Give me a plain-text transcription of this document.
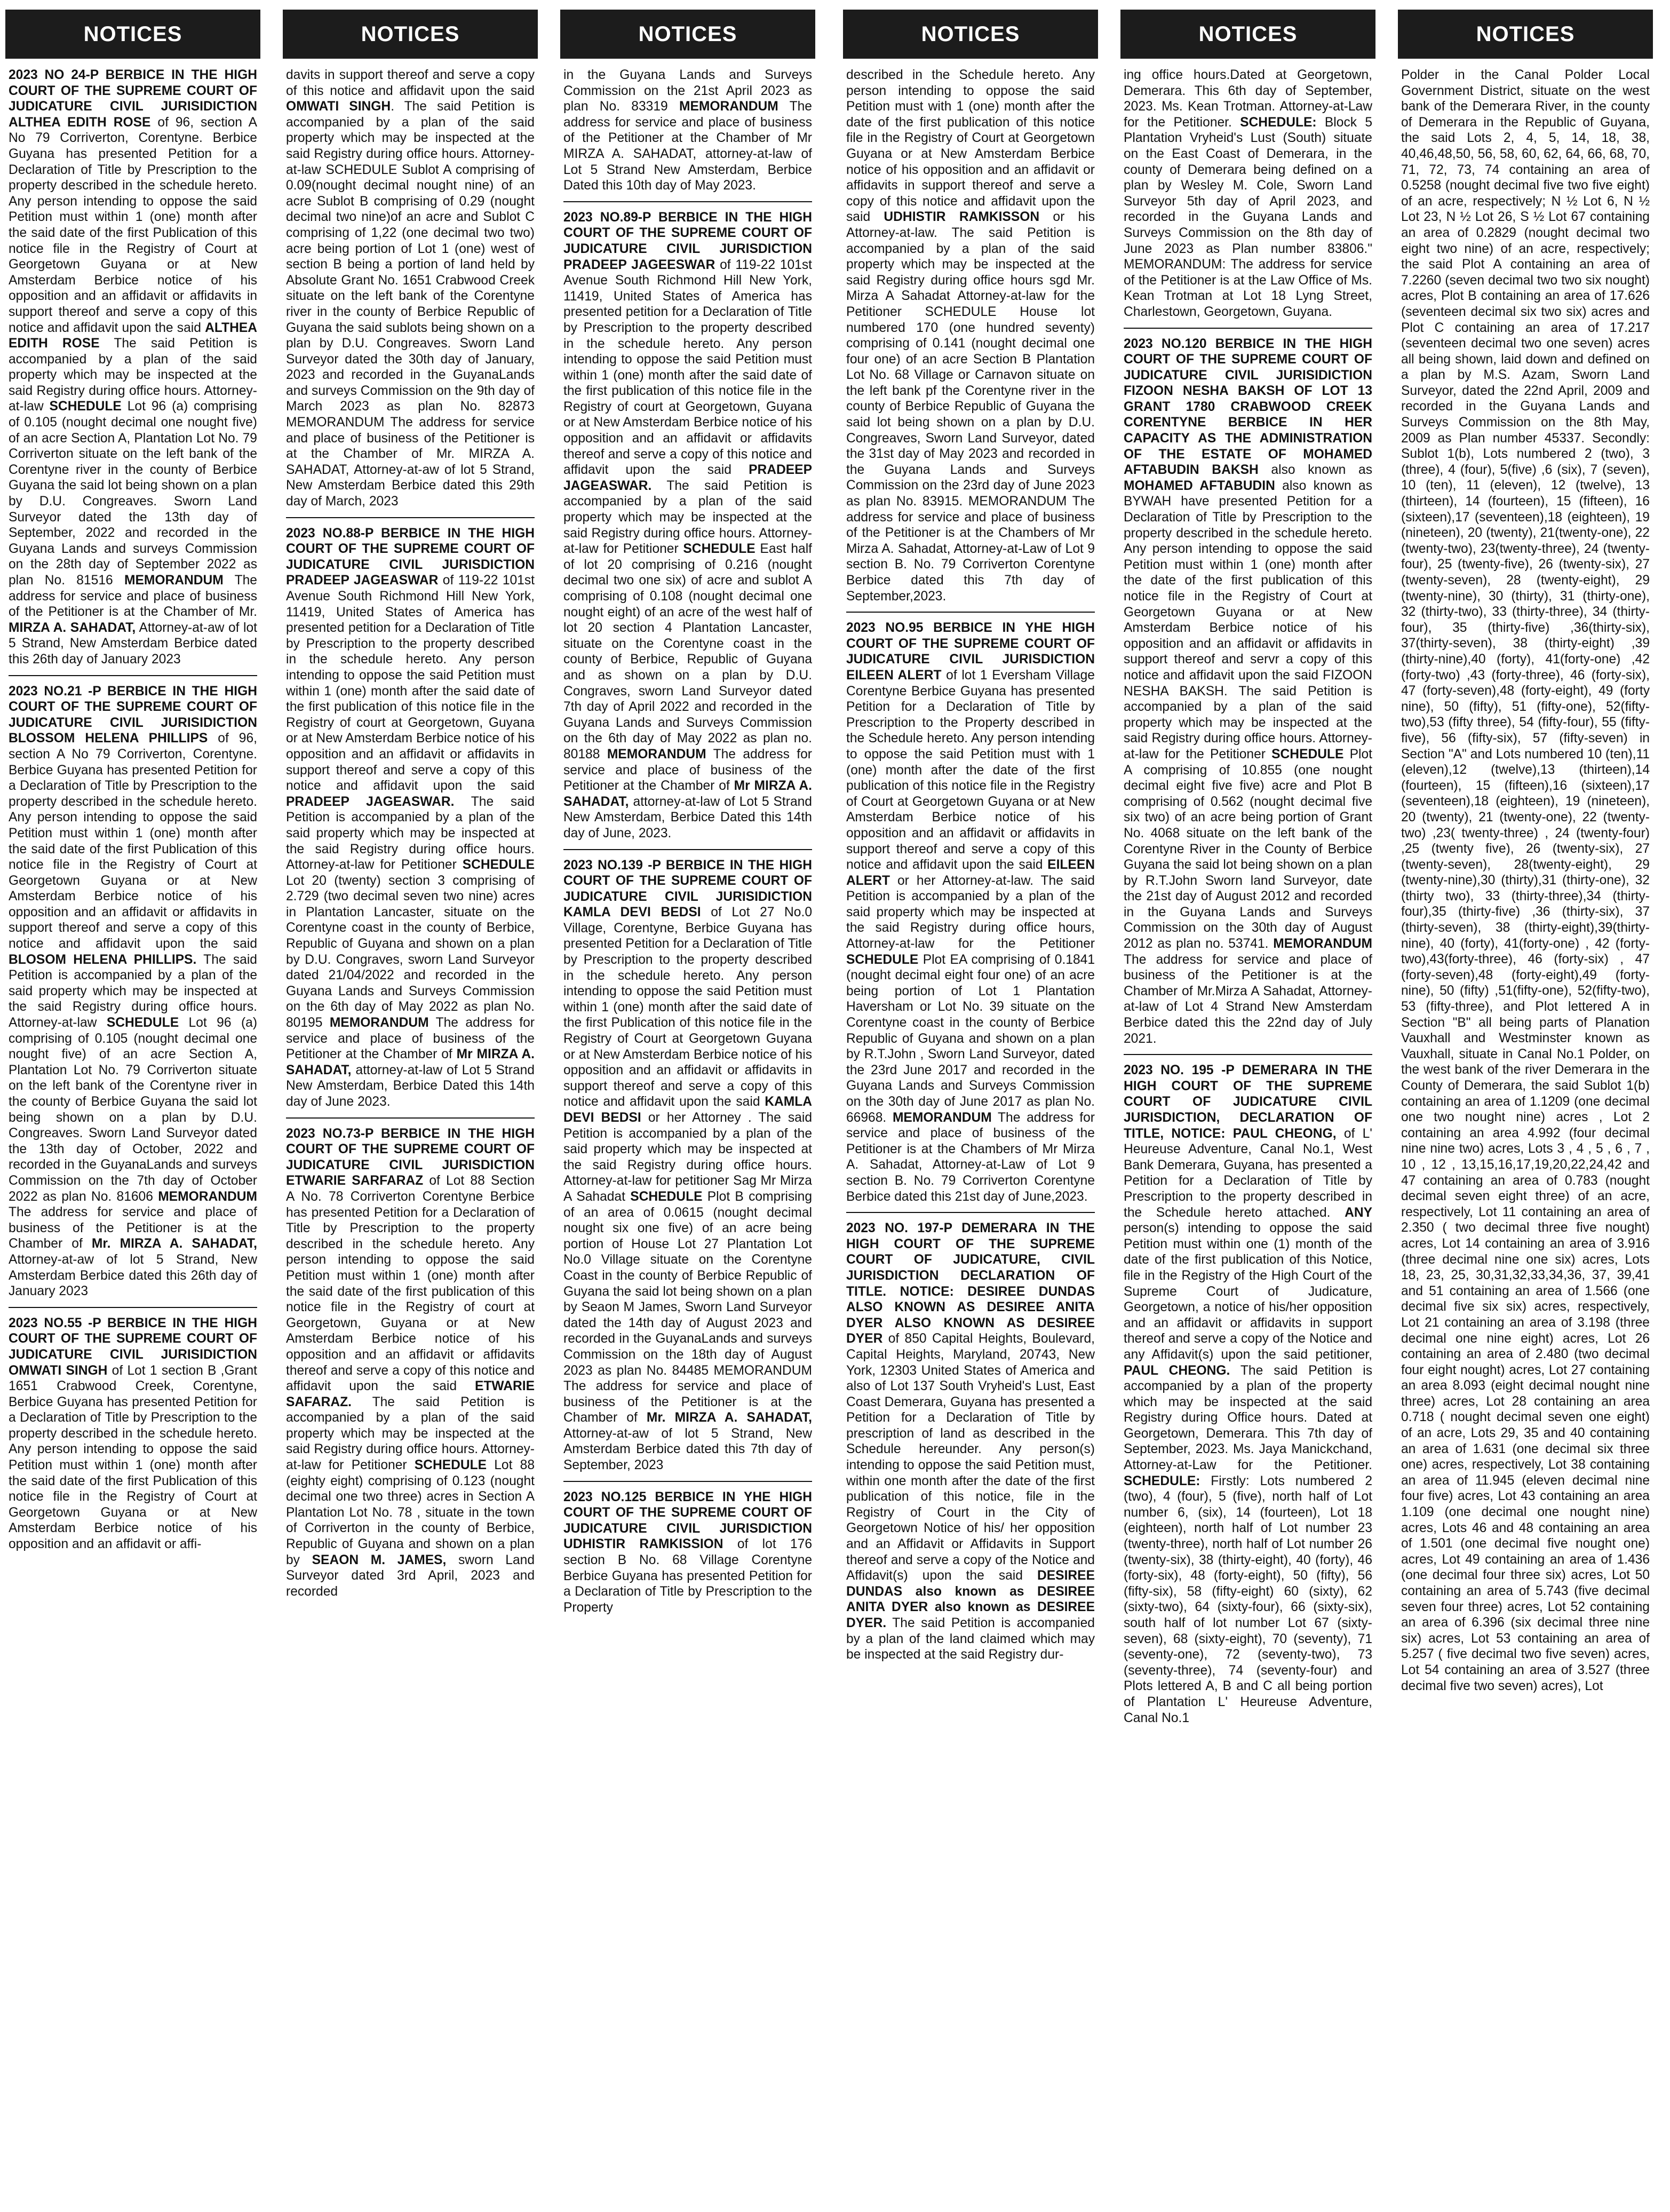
NOTICES

2023 NO 24-P BERBICE IN THE HIGH COURT OF THE SUPREME COURT OF JUDICATURE CIVIL JURISIDICTION ALTHEA EDITH ROSE of 96, section A No 79 Corriverton, Corentyne. Berbice Guyana has presented Petition for a Declaration of Title by Prescription to the property described in the schedule hereto. Any person intending to oppose the said Petition must within 1 (one) month after the said date of the first Publication of this notice file in the Registry of Court at Georgetown Guyana or at New Amsterdam Berbice notice of his opposition and an affidavit or affidavits in support thereof and serve a copy of this notice and affidavit upon the said ALTHEA EDITH ROSE The said Petition is accompanied by a plan of the said property which may be inspected at the said Registry during office hours. Attorney-at-law SCHEDULE Lot 96 (a) comprising of 0.105 (nought decimal one nought five) of an acre Section A, Plantation Lot No. 79 Corriverton situate on the left bank of the Corentyne river in the county of Berbice Guyana the said lot being shown on a plan by D.U. Congreaves. Sworn Land Surveyor dated the 13th day of September, 2022 and recorded in the Guyana Lands and surveys Commission on the 28th day of September 2022 as plan No. 81516 MEMORANDUM The address for service and place of business of the Petitioner is at the Chamber of Mr. MIRZA A. SAHADAT, Attorney-at-aw of lot 5 Strand, New Amsterdam Berbice dated this 26th day of January 2023

2023 NO.21 -P BERBICE IN THE HIGH COURT OF THE SUPREME COURT OF JUDICATURE CIVIL JURISIDICTION BLOSSOM HELENA PHILLIPS of 96, section A No 79 Corriverton, Corentyne. Berbice Guyana has presented Petition for a Declaration of Title by Prescription to the property described in the schedule hereto. Any person intending to oppose the said Petition must within 1 (one) month after the said date of the first Publication of this notice file in the Registry of Court at Georgetown Guyana or at New Amsterdam Berbice notice of his opposition and an affidavit or affidavits in support thereof and serve a copy of this notice and affidavit upon the said BLOSOM HELENA PHILLIPS. The said Petition is accompanied by a plan of the said property which may be inspected at the said Registry during office hours. Attorney-at-law SCHEDULE Lot 96 (a) comprising of 0.105 (nought decimal one nought five) of an acre Section A, Plantation Lot No. 79 Corriverton situate on the left bank of the Corentyne river in the county of Berbice Guyana the said lot being shown on a plan by D.U. Congreaves. Sworn Land Surveyor dated the 13th day of October, 2022 and recorded in the GuyanaLands and surveys Commission on the 7th day of October 2022 as plan No. 81606 MEMORANDUM The address for service and place of business of the Petitioner is at the Chamber of Mr. MIRZA A. SAHADAT, Attorney-at-aw of lot 5 Strand, New Amsterdam Berbice dated this 26th day of January 2023

2023 NO.55 -P BERBICE IN THE HIGH COURT OF THE SUPREME COURT OF JUDICATURE CIVIL JURISIDICTION OMWATI SINGH of Lot 1 section B ,Grant 1651 Crabwood Creek, Corentyne, Berbice Guyana has presented Petition for a Declaration of Title by Prescription to the property described in the schedule hereto. Any person intending to oppose the said Petition must within 1 (one) month after the said date of the first Publication of this notice file in the Registry of Court at Georgetown Guyana or at New Amsterdam Berbice notice of his opposition and an affidavit or affi-

NOTICES

davits in support thereof and serve a copy of this notice and affidavit upon the said OMWATI SINGH. The said Petition is accompanied by a plan of the said property which may be inspected at the said Registry during office hours. Attorney-at-law SCHEDULE Sublot A comprising of 0.09(nought decimal nought nine) of an acre Sublot B comprising of 0.29 (nought decimal two nine)of an acre and Sublot C comprising of 1,22 (one decimal two two) acre being portion of Lot 1 (one) west of section B being a portion of land held by Absolute Grant No. 1651 Crabwood Creek situate on the left bank of the Corentyne river in the county of Berbice Republic of Guyana the said sublots being shown on a plan by D.U. Congreaves. Sworn Land Surveyor dated the 30th day of January, 2023 and recorded in the GuyanaLands and surveys Commission on the 9th day of March 2023 as plan No. 82873 MEMORANDUM The address for service and place of business of the Petitioner is at the Chamber of Mr. MIRZA A. SAHADAT, Attorney-at-aw of lot 5 Strand, New Amsterdam Berbice dated this 29th day of March, 2023

2023 NO.88-P BERBICE IN THE HIGH COURT OF THE SUPREME COURT OF JUDICATURE CIVIL JURISDICTION PRADEEP JAGEASWAR of 119-22 101st Avenue South Richmond Hill New York, 11419, United States of America has presented petition for a Declaration of Title by Prescription to the property described in the schedule hereto. Any person intending to oppose the said Petition must within 1 (one) month after the said date of the first publication of this notice file in the Registry of court at Georgetown, Guyana or at New Amsterdam Berbice notice of his opposition and an affidavit or affidavits in support thereof and serve a copy of this notice and affidavit upon the said PRADEEP JAGEASWAR. The said Petition is accompanied by a plan of the said property which may be inspected at the said Registry during office hours. Attorney-at-law for Petitioner SCHEDULE Lot 20 (twenty) section 3 comprising of 2.729 (two decimal seven two nine) acres in Plantation Lancaster, situate on the Corentyne coast in the county of Berbice, Republic of Guyana and shown on a plan by D.U. Congraves, sworn Land Surveyor dated 21/04/2022 and recorded in the Guyana Lands and Surveys Commission on the 6th day of May 2022 as plan No. 80195 MEMORANDUM The address for service and place of business of the Petitioner at the Chamber of Mr MIRZA A. SAHADAT, attorney-at-law of Lot 5 Strand New Amsterdam, Berbice Dated this 14th day of June 2023.

2023 NO.73-P BERBICE IN THE HIGH COURT OF THE SUPREME COURT OF JUDICATURE CIVIL JURISDICTION ETWARIE SARFARAZ of Lot 88 Section A No. 78 Corriverton Corentyne Berbice has presented Petition for a Declaration of Title by Prescription to the property described in the schedule hereto. Any person intending to oppose the said Petition must within 1 (one) month after the said date of the first publication of this notice file in the Registry of court at Georgetown, Guyana or at New Amsterdam Berbice notice of his opposition and an affidavit or affidavits thereof and serve a copy of this notice and affidavit upon the said ETWARIE SAFARAZ. The said Petition is accompanied by a plan of the said property which may be inspected at the said Registry during office hours. Attorney-at-law for Petitioner SCHEDULE Lot 88 (eighty eight) comprising of 0.123 (nought decimal one two three) acres in Section A Plantation Lot No. 78 , situate in the town of Corriverton in the county of Berbice, Republic of Guyana and shown on a plan by SEAON M. JAMES, sworn Land Surveyor dated 3rd April, 2023 and recorded

NOTICES

in the Guyana Lands and Surveys Commission on the 21st April 2023 as plan No. 83319 MEMORANDUM The address for service and place of business of the Petitioner at the Chamber of Mr MIRZA A. SAHADAT, attorney-at-law of Lot 5 Strand New Amsterdam, Berbice Dated this 10th day of May 2023.

2023 NO.89-P BERBICE IN THE HIGH COURT OF THE SUPREME COURT OF JUDICATURE CIVIL JURISDICTION PRADEEP JAGEESWAR of 119-22 101st Avenue South Richmond Hill New York, 11419, United States of America has presented petition for a Declaration of Title by Prescription to the property described in the schedule hereto. Any person intending to oppose the said Petition must within 1 (one) month after the said date of the first publication of this notice file in the Registry of court at Georgetown, Guyana or at New Amsterdam Berbice notice of his opposition and an affidavit or affidavits thereof and serve a copy of this notice and affidavit upon the said PRADEEP JAGEASWAR. The said Petition is accompanied by a plan of the said property which may be inspected at the said Registry during office hours. Attorney-at-law for Petitioner SCHEDULE East half of lot 20 comprising of 0.216 (nought decimal two one six) of acre and sublot A comprising of 0.108 (nought decimal one nought eight) of an acre of the west half of lot 20 section 4 Plantation Lancaster, situate on the Corentyne coast in the county of Berbice, Republic of Guyana and as shown on a plan by D.U. Congraves, sworn Land Surveyor dated 7th day of April 2022 and recorded in the Guyana Lands and Surveys Commission on the 6th day of May 2022 as plan no. 80188 MEMORANDUM The address for service and place of business of the Petitioner at the Chamber of Mr MIRZA A. SAHADAT, attorney-at-law of Lot 5 Strand New Amsterdam, Berbice Dated this 14th day of June, 2023.

2023 NO.139 -P BERBICE IN THE HIGH COURT OF THE SUPREME COURT OF JUDICATURE CIVIL JURISIDICTION KAMLA DEVI BEDSI of Lot 27 No.0 Village, Corentyne, Berbice Guyana has presented Petition for a Declaration of Title by Prescription to the property described in the schedule hereto. Any person intending to oppose the said Petition must within 1 (one) month after the said date of the first Publication of this notice file in the Registry of Court at Georgetown Guyana or at New Amsterdam Berbice notice of his opposition and an affidavit or affidavits in support thereof and serve a copy of this notice and affidavit upon the said KAMLA DEVI BEDSI or her Attorney . The said Petition is accompanied by a plan of the said property which may be inspected at the said Registry during office hours. Attorney-at-law for petitioner Sag Mr Mirza A Sahadat SCHEDULE Plot B comprising of an area of 0.0615 (nought decimal nought six one five) of an acre being portion of House Lot 27 Plantation Lot No.0 Village situate on the Corentyne Coast in the county of Berbice Republic of Guyana the said lot being shown on a plan by Seaon M James, Sworn Land Surveyor dated the 14th day of August 2023 and recorded in the GuyanaLands and surveys Commission on the 18th day of August 2023 as plan No. 84485 MEMORANDUM The address for service and place of business of the Petitioner is at the Chamber of Mr. MIRZA A. SAHADAT, Attorney-at-aw of lot 5 Strand, New Amsterdam Berbice dated this 7th day of September, 2023

2023 NO.125 BERBICE IN YHE HIGH COURT OF THE SUPREME COURT OF JUDICATURE CIVIL JURISDICTION UDHISTIR RAMKISSION of lot 176 section B No. 68 Village Corentyne Berbice Guyana has presented Petition for a Declaration of Title by Prescription to the Property

NOTICES

described in the Schedule hereto. Any person intending to oppose the said Petition must with 1 (one) month after the date of the first publication of this notice file in the Registry of Court at Georgetown Guyana or at New Amsterdam Berbice notice of his opposition and an affidavit or affidavits in support thereof and serve a copy of this notice and affidavit upon the said UDHISTIR RAMKISSON or his Attorney-at-law. The said Petition is accompanied by a plan of the said property which may be inspected at the said Registry during office hours sgd Mr. Mirza A Sahadat Attorney-at-law for the Petitioner SCHEDULE House lot numbered 170 (one hundred seventy) comprising of 0.141 (nought decimal one four one) of an acre Section B Plantation Lot No. 68 Village or Carnavon situate on the left bank pf the Corentyne river in the county of Berbice Republic of Guyana the said lot being shown on a plan by D.U. Congreaves, Sworn Land Surveyor, dated the 31st day of May 2023 and recorded in the Guyana Lands and Surveys Commission on the 23rd day of June 2023 as plan No. 83915. MEMORANDUM The address for service and place of business of the Petitioner is at the Chambers of Mr Mirza A. Sahadat, Attorney-at-Law of Lot 9 section B. No. 79 Corriverton Corentyne Berbice dated this 7th day of September,2023.

2023 NO.95 BERBICE IN YHE HIGH COURT OF THE SUPREME COURT OF JUDICATURE CIVIL JURISDICTION EILEEN ALERT of lot 1 Eversham Village Corentyne Berbice Guyana has presented Petition for a Declaration of Title by Prescription to the Property described in the Schedule hereto. Any person intending to oppose the said Petition must with 1 (one) month after the date of the first publication of this notice file in the Registry of Court at Georgetown Guyana or at New Amsterdam Berbice notice of his opposition and an affidavit or affidavits in support thereof and serve a copy of this notice and affidavit upon the said EILEEN ALERT or her Attorney-at-law. The said Petition is accompanied by a plan of the said property which may be inspected at the said Registry during office hours, Attorney-at-law for the Petitioner SCHEDULE Plot EA comprising of 0.1841 (nought decimal eight four one) of an acre being portion of Lot 1 Plantation Haversham or Lot No. 39 situate on the Corentyne coast in the county of Berbice Republic of Guyana and shown on a plan by R.T.John , Sworn Land Surveyor, dated the 23rd June 2017 and recorded in the Guyana Lands and Surveys Commission on the 30th day of June 2017 as plan No. 66968. MEMORANDUM The address for service and place of business of the Petitioner is at the Chambers of Mr Mirza A. Sahadat, Attorney-at-Law of Lot 9 section B. No. 79 Corriverton Corentyne Berbice dated this 21st day of June,2023.

2023 NO. 197-P DEMERARA IN THE HIGH COURT OF THE SUPREME COURT OF JUDICATURE, CIVIL JURISDICTION DECLARATION OF TITLE. NOTICE: DESIREE DUNDAS ALSO KNOWN AS DESIREE ANITA DYER ALSO KNOWN AS DESIREE DYER of 850 Capital Heights, Boulevard, Capital Heights, Maryland, 20743, New York, 12303 United States of America and also of Lot 137 South Vryheid's Lust, East Coast Demerara, Guyana has presented a Petition for a Declaration of Title by prescription of land as described in the Schedule hereunder. Any person(s) intending to oppose the said Petition must, within one month after the date of the first publication of this notice, file in the Registry of Court in the City of Georgetown Notice of his/ her opposition and an Affidavit or Affidavits in Support thereof and serve a copy of the Notice and Affidavit(s) upon the said DESIREE DUNDAS also known as DESIREE ANITA DYER also known as DESIREE DYER. The said Petition is accompanied by a plan of the land claimed which may be inspected at the said Registry dur-

NOTICES

ing office hours.Dated at Georgetown, Demerara. This 6th day of September, 2023. Ms. Kean Trotman. Attorney-at-Law for the Petitioner. SCHEDULE: Block 5 Plantation Vryheid's Lust (South) situate on the East Coast of Demerara, in the county of Demerara being defined on a plan by Wesley M. Cole, Sworn Land Surveyor 5th day of April 2023, and recorded in the Guyana Lands and Surveys Commission on the 8th day of June 2023 as Plan number 83806." MEMORANDUM: The address for service of the Petitioner is at the Law Office of Ms. Kean Trotman at Lot 18 Lyng Street, Charlestown, Georgetown, Guyana.

2023 NO.120 BERBICE IN THE HIGH COURT OF THE SUPREME COURT OF JUDICATURE CIVIL JURISIDICTION FIZOON NESHA BAKSH OF LOT 13 GRANT 1780 CRABWOOD CREEK CORENTYNE BERBICE IN HER CAPACITY AS THE ADMINISTRATION OF THE ESTATE OF MOHAMED AFTABUDIN BAKSH also known as MOHAMED AFTABUDIN also known as BYWAH have presented Petition for a Declaration of Title by Prescription to the property described in the schedule hereto. Any person intending to oppose the said Petition must within 1 (one) month after the date of the first publication of this notice file in the Registry of Court at Georgetown Guyana or at New Amsterdam Berbice notice of his opposition and an affidavit or affidavits in support thereof and servr a copy of this notice and affidavit upon the said FIZOON NESHA BAKSH. The said Petition is accompanied by a plan of the said property which may be inspected at the said Registry during office hours. Attorney-at-law for the Petitioner SCHEDULE Plot A comprising of 10.855 (one nought decimal eight five five) acre and Plot B comprising of 0.562 (nought decimal five six two) of an acre being portion of Grant No. 4068 situate on the left bank of the Corentyne River in the County of Berbice Guyana the said lot being shown on a plan by R.T.John Sworn land Surveyor, date the 21st day of August 2012 and recorded in the Guyana Lands and Surveys Commission on the 30th day of August 2012 as plan no. 53741. MEMORANDUM The address for service and place of business of the Petitioner is at the Chamber of Mr.Mirza A Sahadat, Attorney-at-law of Lot 4 Strand New Amsterdam Berbice dated this the 22nd day of July 2021.

2023 NO. 195 -P DEMERARA IN THE HIGH COURT OF THE SUPREME COURT OF JUDICATURE CIVIL JURISDICTION, DECLARATION OF TITLE, NOTICE: PAUL CHEONG, of L' Heureuse Adventure, Canal No.1, West Bank Demerara, Guyana, has presented a Petition for a Declaration of Title by Prescription to the property described in the Schedule hereto attached. ANY person(s) intending to oppose the said Petition must within one (1) month of the date of the first publication of this Notice, file in the Registry of the High Court of the Supreme Court of Judicature, Georgetown, a notice of his/her opposition and an affidavit or affidavits in support thereof and serve a copy of the Notice and any Affidavit(s) upon the said petitioner, PAUL CHEONG. The said Petition is accompanied by a plan of the property which may be inspected at the said Registry during Office hours. Dated at Georgetown, Demerara. This 7th day of September, 2023. Ms. Jaya Manickchand, Attorney-at-Law for the Petitioner. SCHEDULE: Firstly: Lots numbered 2 (two), 4 (four), 5 (five), north half of Lot number 6, (six), 14 (fourteen), Lot 18 (eighteen), north half of Lot number 23 (twenty-three), north half of Lot number 26 (twenty-six), 38 (thirty-eight), 40 (forty), 46 (forty-six), 48 (forty-eight), 50 (fifty), 56 (fifty-six), 58 (fifty-eight) 60 (sixty), 62 (sixty-two), 64 (sixty-four), 66 (sixty-six), south half of lot number Lot 67 (sixty-seven), 68 (sixty-eight), 70 (seventy), 71 (seventy-one), 72 (seventy-two), 73 (seventy-three), 74 (seventy-four) and Plots lettered A, B and C all being portion of Plantation L' Heureuse Adventure, Canal No.1

NOTICES

Polder in the Canal Polder Local Government District, situate on the west bank of the Demerara River, in the county of Demerara in the Republic of Guyana, the said Lots 2, 4, 5, 14, 18, 38, 40,46,48,50, 56, 58, 60, 62, 64, 66, 68, 70, 71, 72, 73, 74 containing an area of 0.5258 (nought decimal five two five eight) of an acre, respectively; N ½ Lot 6, N ½ Lot 23, N ½ Lot 26, S ½ Lot 67 containing an area of 0.2829 (nought decimal two eight two nine) of an acre, respectively; the said Plot A containing an area of 7.2260 (seven decimal two two six nought) acres, Plot B containing an area of 17.626 (seventeen decimal six two six) acres and Plot C containing an area of 17.217 (seventeen decimal two one seven) acres all being shown, laid down and defined on a plan by M.S. Azam, Sworn Land Surveyor, dated the 22nd April, 2009 and recorded in the Guyana Lands and Surveys Commission on the 8th May, 2009 as Plan number 45337. Secondly: Sublot 1(b), Lots numbered 2 (two), 3 (three), 4 (four), 5(five) ,6 (six), 7 (seven), 10 (ten), 11 (eleven), 12 (twelve), 13 (thirteen), 14 (fourteen), 15 (fifteen), 16 (sixteen),17 (seventeen),18 (eighteen), 19 (nineteen), 20 (twenty), 21(twenty-one), 22 (twenty-two), 23(twenty-three), 24 (twenty-four), 25 (twenty-five), 26 (twenty-six), 27 (twenty-seven), 28 (twenty-eight), 29 (twenty-nine), 30 (thirty), 31 (thirty-one), 32 (thirty-two), 33 (thirty-three), 34 (thirty-four), 35 (thirty-five) ,36(thirty-six), 37(thirty-seven), 38 (thirty-eight) ,39 (thirty-nine),40 (forty), 41(forty-one) ,42 (forty-two) ,43 (forty-three), 46 (forty-six), 47 (forty-seven),48 (forty-eight), 49 (forty nine), 50 (fifty), 51 (fifty-one), 52(fifty-two),53 (fifty three), 54 (fifty-four), 55 (fifty-five), 56 (fifty-six), 57 (fifty-seven) in Section "A" and Lots numbered 10 (ten),11 (eleven),12 (twelve),13 (thirteen),14 (fourteen), 15 (fifteen),16 (sixteen),17 (seventeen),18 (eighteen), 19 (nineteen), 20 (twenty), 21 (twenty-one), 22 (twenty-two) ,23( twenty-three) , 24 (twenty-four) ,25 (twenty five), 26 (twenty-six), 27 (twenty-seven), 28(twenty-eight), 29 (twenty-nine),30 (thirty),31 (thirty-one), 32 (thirty two), 33 (thirty-three),34 (thirty-four),35 (thirty-five) ,36 (thirty-six), 37 (thirty-seven), 38 (thirty-eight),39(thirty-nine), 40 (forty), 41(forty-one) , 42 (forty-two),43(forty-three), 46 (forty-six) , 47 (forty-seven),48 (forty-eight),49 (forty-nine), 50 (fifty) ,51(fifty-one), 52(fifty-two), 53 (fifty-three), and Plot lettered A in Section "B" all being parts of Planation Vauxhall and Westminster known as Vauxhall, situate in Canal No.1 Polder, on the west bank of the river Demerara in the County of Demerara, the said Sublot 1(b) containing an area of 1.1209 (one decimal one two nought nine) acres , Lot 2 containing an area 4.992 (four decimal nine nine two) acres, Lots 3 , 4 , 5 , 6 , 7 , 10 , 12 , 13,15,16,17,19,20,22,24,42 and 47 containing an area of 0.783 (nought decimal seven eight three) of an acre, respectively, Lot 11 containing an area of 2.350 ( two decimal three five nought) acres, Lot 14 containing an area of 3.916 (three decimal nine one six) acres, Lots 18, 23, 25, 30,31,32,33,34,36, 37, 39,41 and 51 containing an area of 1.566 (one decimal five six six) acres, respectively, Lot 21 containing an area of 3.198 (three decimal one nine eight) acres, Lot 26 containing an area of 2.480 (two decimal four eight nought) acres, Lot 27 containing an area 8.093 (eight decimal nought nine three) acres, Lot 28 containing an area 0.718 ( nought decimal seven one eight) of an acre, Lots 29, 35 and 40 containing an area of 1.631 (one decimal six three one) acres, respectively, Lot 38 containing an area of 11.945 (eleven decimal nine four five) acres, Lot 43 containing an area 1.109 (one decimal one nought nine) acres, Lots 46 and 48 containing an area of 1.501 (one decimal five nought one) acres, Lot 49 containing an area of 1.436 (one decimal four three six) acres, Lot 50 containing an area of 5.743 (five decimal seven four three) acres, Lot 52 containing an area of 6.396 (six decimal three nine six) acres, Lot 53 containing an area of 5.257 ( five decimal two five seven) acres, Lot 54 containing an area of 3.527 (three decimal five two seven) acres), Lot
